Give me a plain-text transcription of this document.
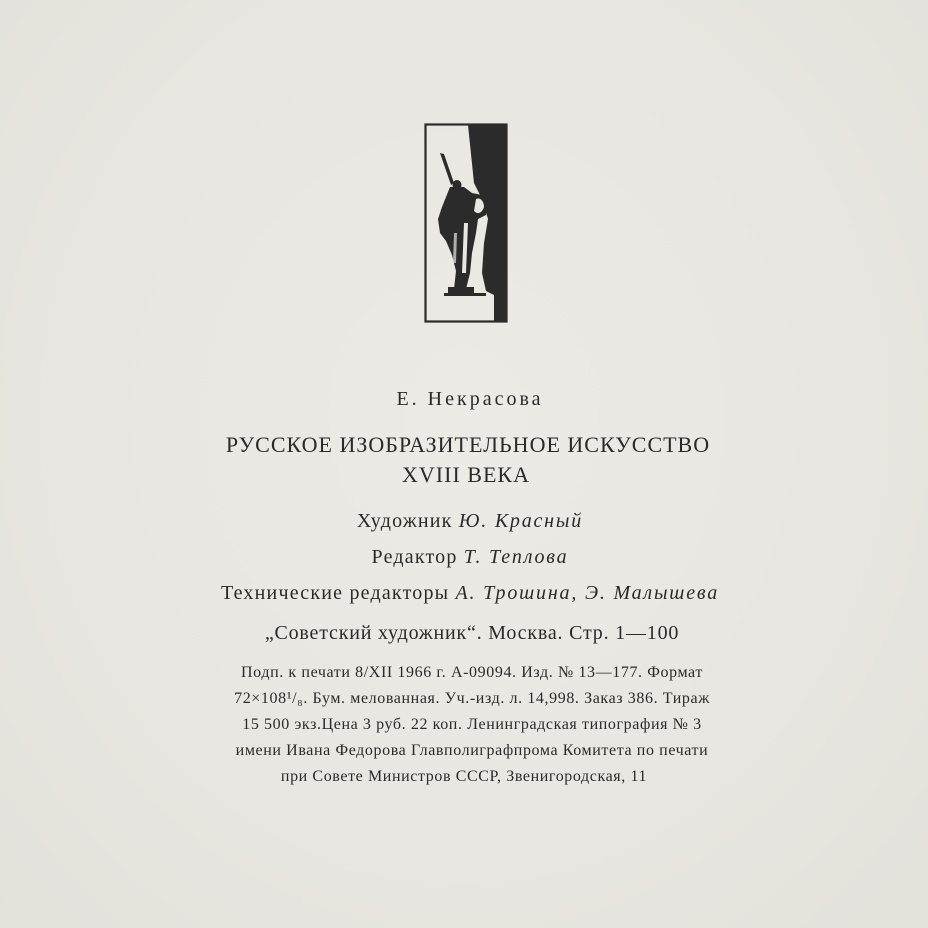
Е. Некрасова
РУССКОЕ ИЗОБРАЗИТЕЛЬНОЕ ИСКУССТВО
XVIII ВЕКА
Художник Ю. Красный
Редактор Т. Теплова
Технические редакторы А. Трошина, Э. Малышева
„Советский художник“. Москва. Стр. 1—100
Подп. к печати 8/XII 1966 г. А-09094. Изд. № 13—177. Формат
72×108¹/₈. Бум. мелованная. Уч.-изд. л. 14,998. Заказ 386. Тираж
15 500 экз.Цена 3 руб. 22 коп. Ленинградская типография № 3
имени Ивана Федорова Главполиграфпрома Комитета по печати
при Совете Министров СССР, Звенигородская, 11
